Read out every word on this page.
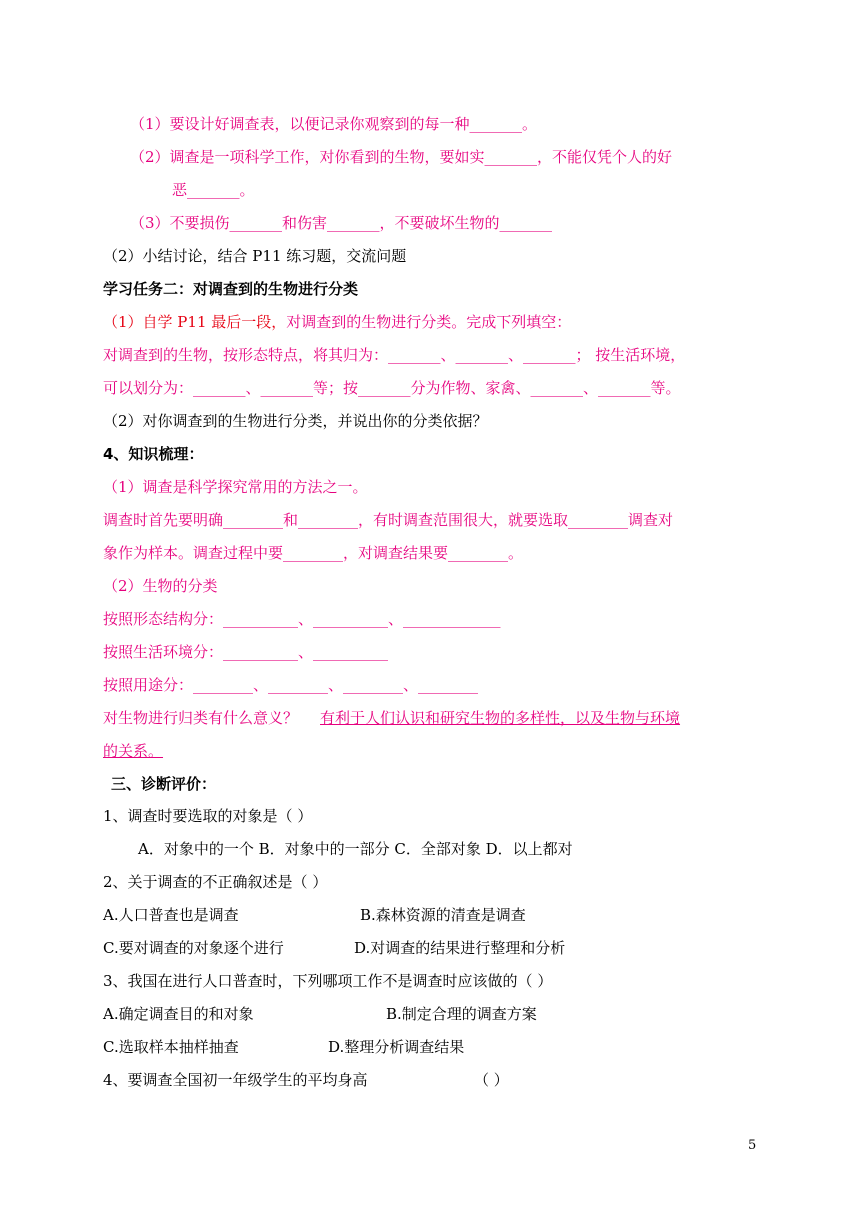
（1）要设计好调查表，以便记录你观察到的每一种_______。
（2）调查是一项科学工作，对你看到的生物，要如实_______，不能仅凭个人的好
恶_______。
（3）不要损伤_______和伤害_______，不要破坏生物的_______
（2）小结讨论，结合 P11 练习题，交流问题
学习任务二：对调查到的生物进行分类
（1）自学 P11 最后一段，对调查到的生物进行分类。完成下列填空：
对调查到的生物，按形态特点，将其归为：_______、_______、_______； 按生活环境，
可以划分为：_______、_______等；按_______分为作物、家禽、_______、_______等。
（2）对你调查到的生物进行分类，并说出你的分类依据？
4、知识梳理：
（1）调查是科学探究常用的方法之一。
调查时首先要明确________和________，有时调查范围很大，就要选取________调查对
象作为样本。调查过程中要________，对调查结果要________。
（2）生物的分类
按照形态结构分：__________、__________、_____________
按照生活环境分：__________、__________
按照用途分：________、________、________、________
对生物进行归类有什么意义？ 有利于人们认识和研究生物的多样性，以及生物与环境
的关系。
三、诊断评价：
1、调查时要选取的对象是（ ）
A．对象中的一个 B．对象中的一部分 C．全部对象 D．以上都对
2、关于调查的不正确叙述是（ ）
A.人口普查也是调查	B.森林资源的清查是调查
C.要对调查的对象逐个进行	D.对调查的结果进行整理和分析
3、我国在进行人口普查时，下列哪项工作不是调查时应该做的（ ）
A.确定调查目的和对象	B.制定合理的调查方案
C.选取样本抽样抽查	D.整理分析调查结果
4、要调查全国初一年级学生的平均身高	（ ）
5
